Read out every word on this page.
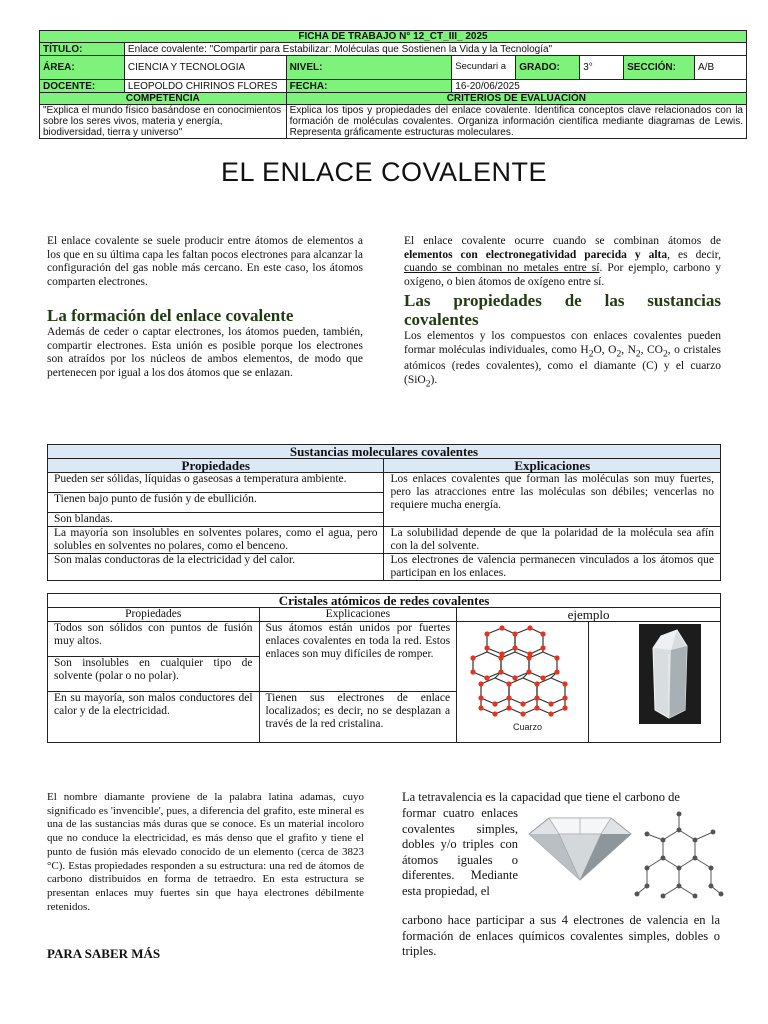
FICHA DE TRABAJO N° 12_CT_III_ 2025							
TÍTULO:	Enlace covalente: "Compartir para Estabilizar: Moléculas que Sostienen la Vida y la Tecnología"						
ÁREA:	CIENCIA Y TECNOLOGIA	NIVEL:	Secundari a	GRADO:	3°	SECCIÓN:	A/B
DOCENTE:	LEOPOLDO CHIRINOS FLORES	FECHA:	16-20/06/2025				
COMPETENCIA		CRITERIOS DE EVALUACIÓN					
"Explica el mundo físico basándose en conocimientos sobre los seres vivos, materia y energía, biodiversidad, tierra y universo"		Explica los tipos y propiedades del enlace covalente. Identifica conceptos clave relacionados con la formación de moléculas covalentes. Organiza información científica mediante diagramas de Lewis. Representa gráficamente estructuras moleculares.					
EL ENLACE COVALENTE

El enlace covalente se suele producir entre átomos de elementos a los que en su última capa les faltan pocos electrones para alcanzar la configuración del gas noble más cercano. En este caso, los átomos comparten electrones.

El enlace covalente ocurre cuando se combinan átomos de elementos con electronegatividad parecida y alta, es decir, cuando se combinan no metales entre sí. Por ejemplo, carbono y oxígeno, o bien átomos de oxígeno entre sí.

La formación del enlace covalente

Además de ceder o captar electrones, los átomos pueden, también, compartir electrones. Esta unión es posible porque los electrones son atraídos por los núcleos de ambos elementos, de modo que pertenecen por igual a los dos átomos que se enlazan.

Las propiedades de las sustancias covalentes

Los elementos y los compuestos con enlaces covalentes pueden formar moléculas individuales, como $H_2O$, $O_2$, $N_2$, $CO_2$, o cristales atómicos (redes covalentes), como el diamante (C) y el cuarzo (SiO$_2$).

Sustancias moleculares covalentes	
Propiedades	Explicaciones
Pueden ser sólidas, líquidas o gaseosas a temperatura ambiente.	Los enlaces covalentes que forman las moléculas son muy fuertes, pero las atracciones entre las moléculas son débiles; vencerlas no requiere mucha energía.
Tienen bajo punto de fusión y de ebullición.	
Son blandas.	
La mayoría son insolubles en solventes polares, como el agua, pero solubles en solventes no polares, como el benceno.	La solubilidad depende de que la polaridad de la molécula sea afín con la del solvente.
Son malas conductoras de la electricidad y del calor.	Los electrones de valencia permanecen vinculados a los átomos que participan en los enlaces.
Cristales atómicos de redes covalentes			
Propiedades	Explicaciones	ejemplo	
Todos son sólidos con puntos de fusión muy altos.	Sus átomos están unidos por fuertes enlaces covalentes en toda la red. Estos enlaces son muy difíciles de romper.	Cuarzo

Son insolubles en cualquier tipo de solvente (polar o no polar).			
En su mayoría, son malos conductores del calor y de la electricidad.	Tienen sus electrones de enlace localizados; es decir, no se desplazan a través de la red cristalina.		

El nombre diamante proviene de la palabra latina adamas, cuyo significado es 'invencible', pues, a diferencia del grafito, este mineral es una de las sustancias más duras que se conoce. Es un material incoloro que no conduce la electricidad, es más denso que el grafito y tiene el punto de fusión más elevado conocido de un elemento (cerca de 3823 °C). Estas propiedades responden a su estructura: una red de átomos de carbono distribuidos en forma de tetraedro. En esta estructura se presentan enlaces muy fuertes sin que haya electrones débilmente retenidos.

PARA SABER MÁS

La tetravalencia es la capacidad que tiene el carbono de

formar cuatro enlaces covalentes simples, dobles y/o triples con átomos iguales o diferentes. Mediante esta propiedad, el

carbono hace participar a sus 4 electrones de valencia en la formación de enlaces químicos covalentes simples, dobles o triples.
